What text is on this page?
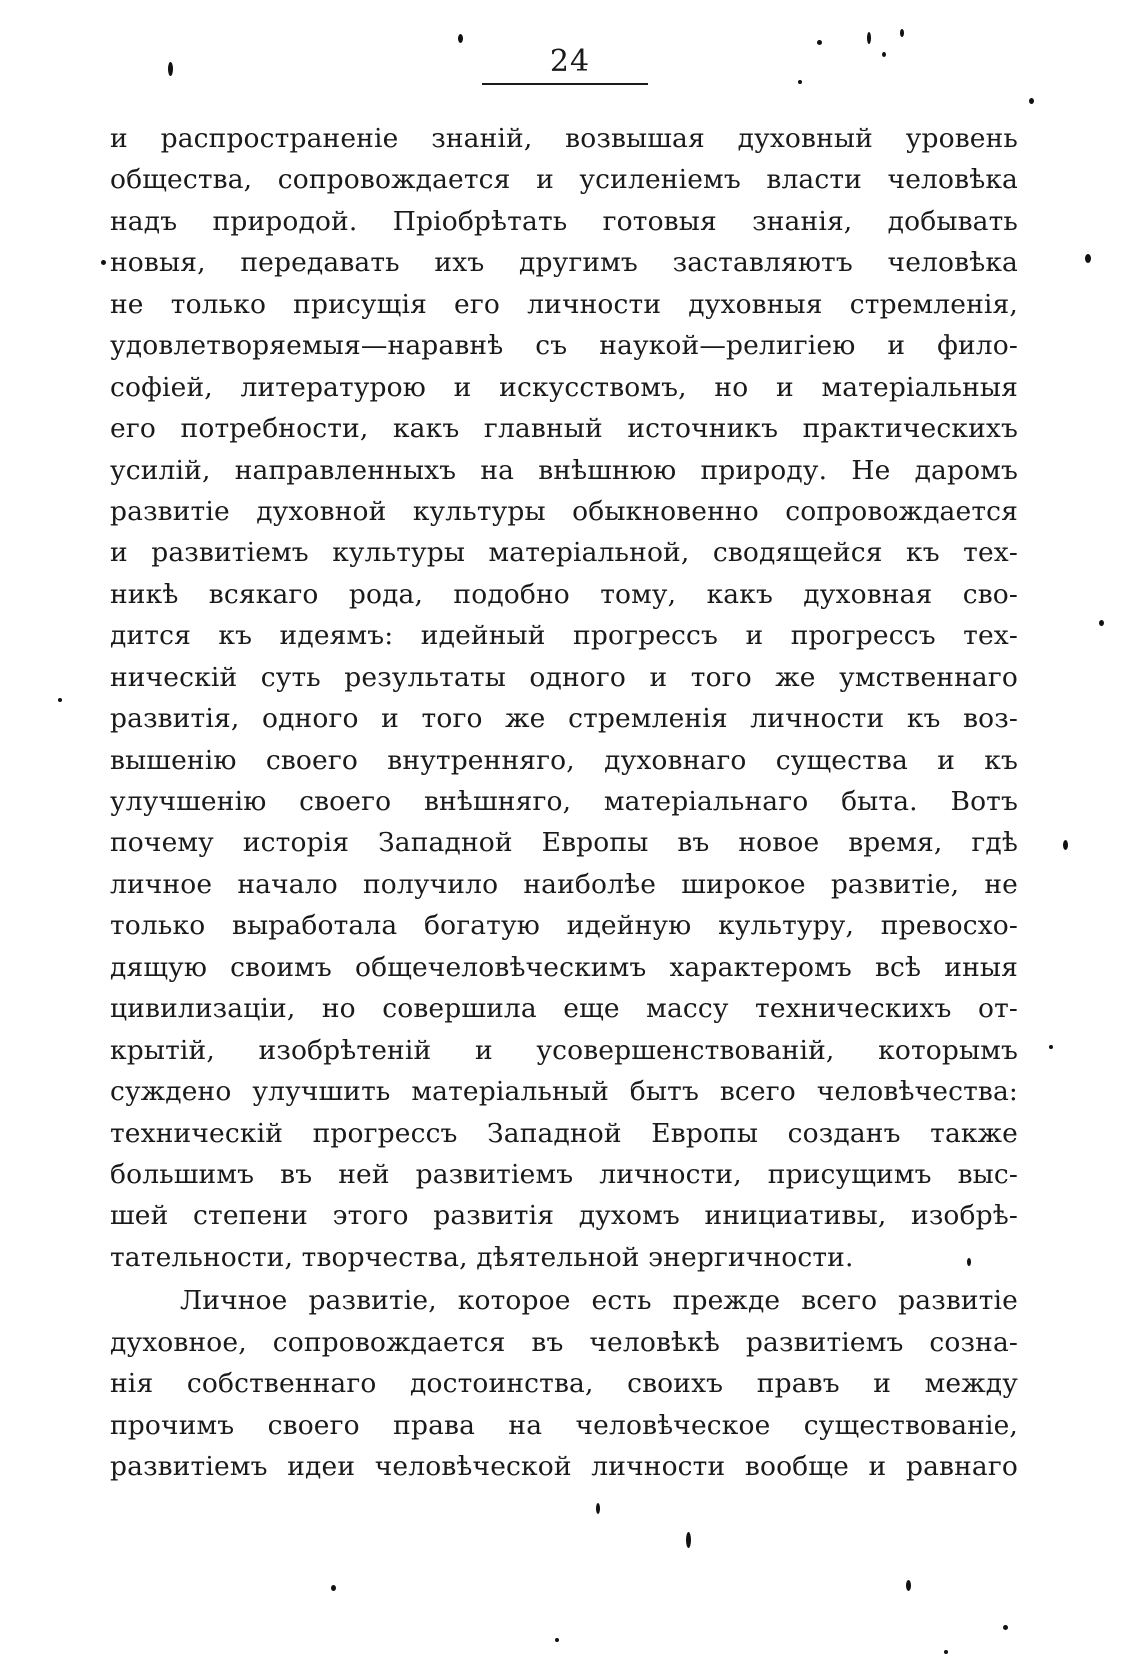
24
и распространенie знанiй, возвышая духовный уровень
общества, сопровождается и усиленiемъ власти человѣка
надъ природой. Прiобрѣтать готовыя знанiя, добывать
новыя, передавать ихъ другимъ заставляютъ человѣка
не только присущiя его личности духовныя стремленiя,
удовлетворяемыя—наравнѣ съ наукой—религiею и фило-
софiей, литературою и искусствомъ, но и матерiальныя
его потребности, какъ главный источникъ практическихъ
усилiй, направленныхъ на внѣшнюю природу. Не даромъ
развитiе духовной культуры обыкновенно сопровождается
и развитiемъ культуры матерiальной, сводящейся къ тех-
никѣ всякаго рода, подобно тому, какъ духовная сво-
дится къ идеямъ: идейный прогрессъ и прогрессъ тех-
ническiй суть результаты одного и того же умственнаго
развитiя, одного и того же стремленiя личности къ воз-
вышенiю своего внутренняго, духовнаго существа и къ
улучшенiю своего внѣшняго, матерiальнаго быта. Вотъ
почему исторiя Западной Европы въ новое время, гдѣ
личное начало получило наиболѣе широкое развитiе, не
только выработала богатую идейную культуру, превосхо-
дящую своимъ общечеловѣческимъ характеромъ всѣ иныя
цивилизацiи, но совершила еще массу техническихъ от-
крытiй, изобрѣтенiй и усовершенствованiй, которымъ
суждено улучшить матерiальный бытъ всего человѣчества:
техническiй прогрессъ Западной Европы созданъ также
большимъ въ ней развитiемъ личности, присущимъ выс-
шей степени этого развитiя духомъ инициативы, изобрѣ-
тательности, творчества, дѣятельной энергичности.
Личное развитiе, которое есть прежде всего развитiе
духовное, сопровождается въ человѣкѣ развитiемъ созна-
нiя собственнаго достоинства, своихъ правъ и между
прочимъ своего права на человѣческое существованiе,
развитiемъ идеи человѣческой личности вообще и равнаго
